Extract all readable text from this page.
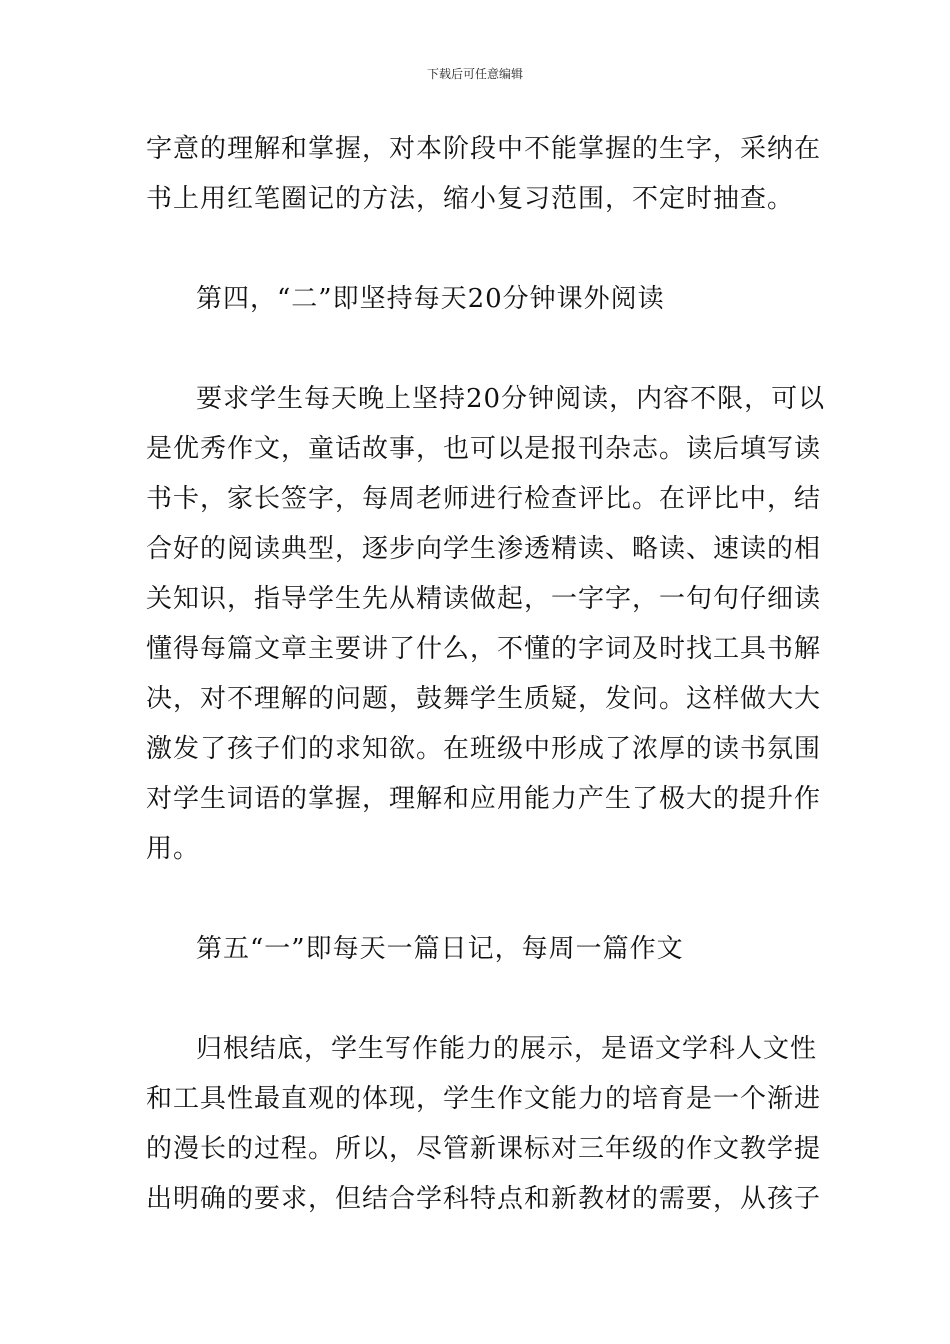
下载后可任意编辑
字意的理解和掌握，对本阶段中不能掌握的生字，采纳在
书上用红笔圈记的方法，缩小复习范围，不定时抽查。
第四，“二”即坚持每天20分钟课外阅读
要求学生每天晚上坚持20分钟阅读，内容不限，可以
是优秀作文，童话故事，也可以是报刊杂志。读后填写读
书卡，家长签字，每周老师进行检查评比。在评比中，结
合好的阅读典型，逐步向学生渗透精读、略读、速读的相
关知识，指导学生先从精读做起，一字字，一句句仔细读
懂得每篇文章主要讲了什么，不懂的字词及时找工具书解
决，对不理解的问题，鼓舞学生质疑，发问。这样做大大
激发了孩子们的求知欲。在班级中形成了浓厚的读书氛围
对学生词语的掌握，理解和应用能力产生了极大的提升作
用。
第五“一”即每天一篇日记，每周一篇作文
归根结底，学生写作能力的展示，是语文学科人文性
和工具性最直观的体现，学生作文能力的培育是一个渐进
的漫长的过程。所以，尽管新课标对三年级的作文教学提
出明确的要求，但结合学科特点和新教材的需要，从孩子
